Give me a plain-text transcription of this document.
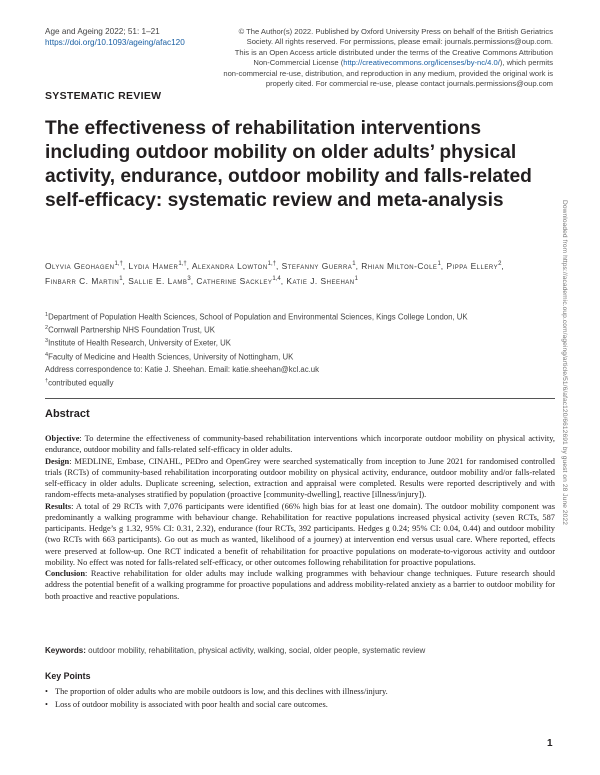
Age and Ageing 2022; 51: 1–21
https://doi.org/10.1093/ageing/afac120
© The Author(s) 2022. Published by Oxford University Press on behalf of the British Geriatrics
Society. All rights reserved. For permissions, please email: journals.permissions@oup.com.
This is an Open Access article distributed under the terms of the Creative Commons Attribution
Non-Commercial License (http://creativecommons.org/licenses/by-nc/4.0/), which permits
non-commercial re-use, distribution, and reproduction in any medium, provided the original work is
properly cited. For commercial re-use, please contact journals.permissions@oup.com
SYSTEMATIC REVIEW
The effectiveness of rehabilitation interventions including outdoor mobility on older adults’ physical activity, endurance, outdoor mobility and falls-related self-efficacy: systematic review and meta-analysis
Olyvia Geohagen$^{1,\dagger}$, Lydia Hamer$^{1,\dagger}$, Alexandra Lowton$^{1,\dagger}$, Stefanny Guerra$^1$, Rhian Milton-Cole$^1$, Pippa Ellery$^2$, Finbarr C. Martin$^1$, Sallie E. Lamb$^3$, Catherine Sackley$^{1,4}$, Katie J. Sheehan$^1$
$^1$Department of Population Health Sciences, School of Population and Environmental Sciences, Kings College London, UK
$^2$Cornwall Partnership NHS Foundation Trust, UK
$^3$Institute of Health Research, University of Exeter, UK
$^4$Faculty of Medicine and Health Sciences, University of Nottingham, UK
Address correspondence to: Katie J. Sheehan. Email: katie.sheehan@kcl.ac.uk
†contributed equally
Abstract

Objective: To determine the effectiveness of community-based rehabilitation interventions which incorporate outdoor mobility on physical activity, endurance, outdoor mobility and falls-related self-efficacy in older adults.

Design: MEDLINE, Embase, CINAHL, PEDro and OpenGrey were searched systematically from inception to June 2021 for randomised controlled trials (RCTs) of community-based rehabilitation incorporating outdoor mobility on physical activity, endurance, outdoor mobility and/or falls-related self-efficacy in older adults. Duplicate screening, selection, extraction and appraisal were completed. Results were reported descriptively and with random-effects meta-analyses stratified by population (proactive [community-dwelling], reactive [illness/injury]).

Results: A total of 29 RCTs with 7,076 participants were identified (66% high bias for at least one domain). The outdoor mobility component was predominantly a walking programme with behaviour change. Rehabilitation for reactive populations increased physical activity (seven RCTs, 587 participants. Hedge’s g 1.32, 95% CI: 0.31, 2.32), endurance (four RCTs, 392 participants. Hedges g 0.24; 95% CI: 0.04, 0.44) and outdoor mobility (two RCTs with 663 participants). Go out as much as wanted, likelihood of a journey) at intervention end versus usual care. Where reported, effects were preserved at follow-up. One RCT indicated a benefit of rehabilitation for proactive populations on moderate-to-vigorous activity and outdoor mobility. No effect was noted for falls-related self-efficacy, or other outcomes following rehabilitation for proactive populations.

Conclusion: Reactive rehabilitation for older adults may include walking programmes with behaviour change techniques. Future research should address the potential benefit of a walking programme for proactive populations and address mobility-related anxiety as a barrier to outdoor mobility for both proactive and reactive populations.

Keywords: outdoor mobility, rehabilitation, physical activity, walking, social, older people, systematic review
Key Points
• The proportion of older adults who are mobile outdoors is low, and this declines with illness/injury.
• Loss of outdoor mobility is associated with poor health and social care outcomes.
1
Downloaded from https://academic.oup.com/ageing/article/51/6/afac120/6612691 by guest on 28 June 2022
